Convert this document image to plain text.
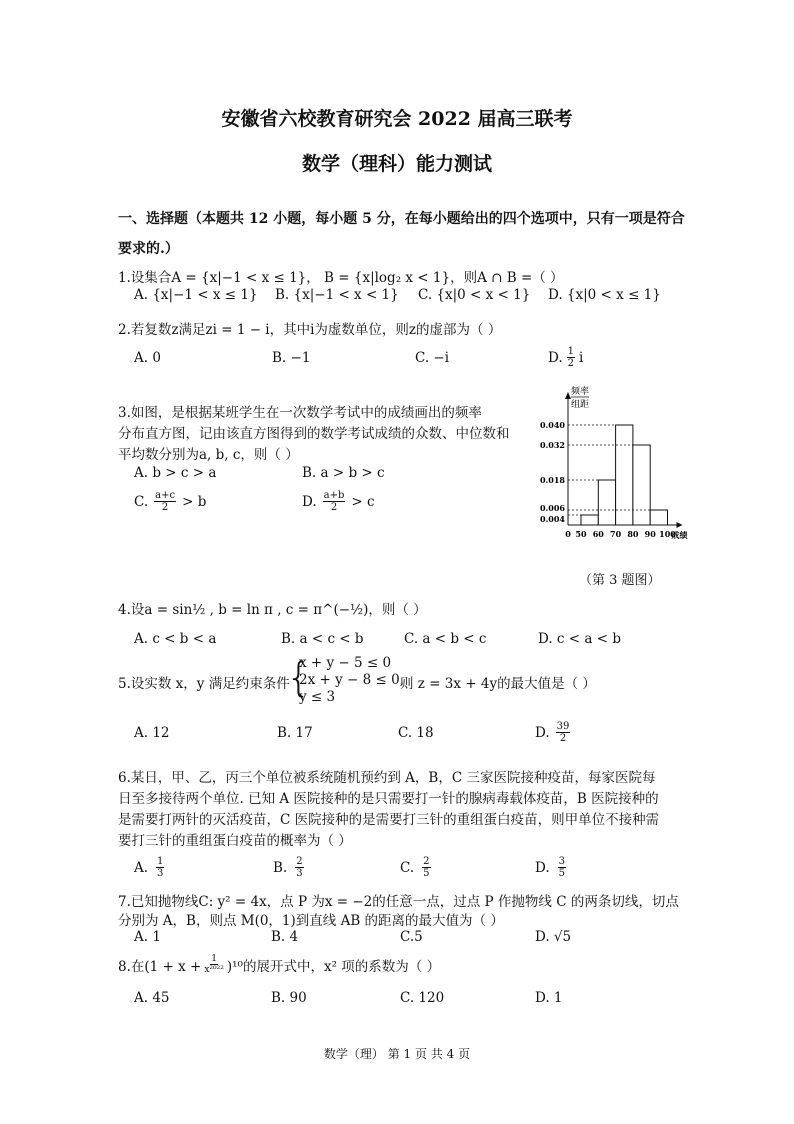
安徽省六校教育研究会 2022 届高三联考
数学（理科）能力测试
一、选择题（本题共 12 小题，每小题 5 分，在每小题给出的四个选项中，只有一项是符合
要求的.）
1.设集合A = {x|−1 < x ≤ 1}， B = {x|log₂ x < 1}，则A ∩ B =（ ）
A. {x|−1 < x ≤ 1} B. {x|−1 < x < 1} C. {x|0 < x < 1} D. {x|0 < x ≤ 1}
2.若复数z满足zi = 1 − i，其中i为虚数单位，则z的虚部为（ ）
A. 0	B. −1	C. −i	D. $\frac{1}{2}$ i
3.如图，是根据某班学生在一次数学考试中的成绩画出的频率
分布直方图，记由该直方图得到的数学考试成绩的众数、中位数和
平均数分别为a, b, c，则（ ）
A. b > c > a	B. a > b > c
C. $\frac{a+c}{2} > b$	D. $\frac{a+b}{2} > c$
频率
组距
0.040
0.032
0.018
0.006
0.004
0 50 60 70 80 90 100
成绩
（第 3 题图）
4.设a = sin½ , b = ln π , c = π^(−½)，则（ ）
A. c < b < a	B. a < c < b	C. a < b < c	D. c < a < b
5.设实数 x，y 满足约束条件
{
x + y − 5 ≤ 0
2x + y − 8 ≤ 0,
y ≤ 3
则 z = 3x + 4y的最大值是（ ）
A. 12	B. 17	C. 18	D. $\frac{39}{2}$
6.某日，甲、乙，丙三个单位被系统随机预约到 A，B，C 三家医院接种疫苗，每家医院每
日至多接待两个单位. 已知 A 医院接种的是只需要打一针的腺病毒载体疫苗，B 医院接种的
是需要打两针的灭活疫苗，C 医院接种的是需要打三针的重组蛋白疫苗，则甲单位不接种需
要打三针的重组蛋白疫苗的概率为（ ）
A. $\frac{1}{3}$	B. $\frac{2}{3}$	C. $\frac{2}{5}$	D. $\frac{3}{5}$
7.已知抛物线C: y² = 4x，点 P 为x = −2的任意一点，过点 P 作抛物线 C 的两条切线，切点
分别为 A，B，则点 M(0，1)到直线 AB 的距离的最大值为（ ）
A. 1	B. 4	C.5	D. √5
8.在$(1 + x + \frac{1}{\text{x²⁰²²}} )^{10}$的展开式中，x² 项的系数为（ ）
A. 45	B. 90	C. 120	D. 1
数学（理） 第 1 页 共 4 页
